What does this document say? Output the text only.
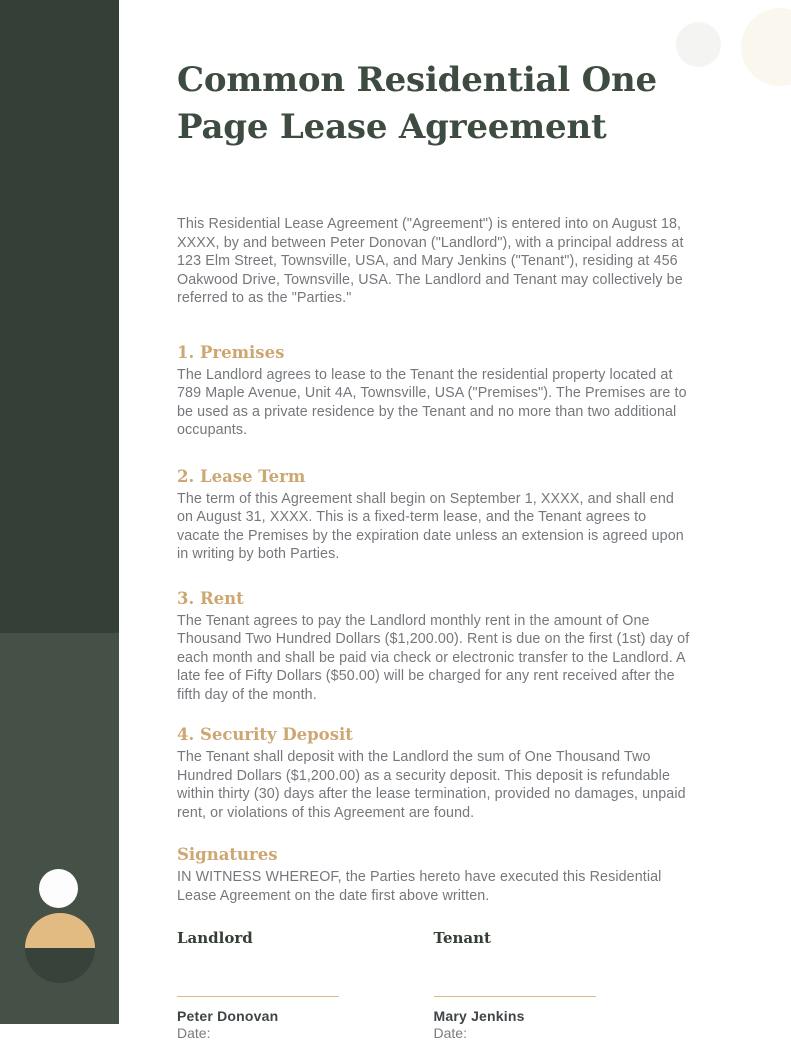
Common Residential One Page Lease Agreement

This Residential Lease Agreement ("Agreement") is entered into on August 18, XXXX, by and between Peter Donovan ("Landlord"), with a principal address at 123 Elm Street, Townsville, USA, and Mary Jenkins ("Tenant"), residing at 456 Oakwood Drive, Townsville, USA. The Landlord and Tenant may collectively be referred to as the "Parties."

1. Premises

The Landlord agrees to lease to the Tenant the residential property located at 789 Maple Avenue, Unit 4A, Townsville, USA ("Premises"). The Premises are to be used as a private residence by the Tenant and no more than two additional occupants.

2. Lease Term

The term of this Agreement shall begin on September 1, XXXX, and shall end on August 31, XXXX. This is a fixed-term lease, and the Tenant agrees to vacate the Premises by the expiration date unless an extension is agreed upon in writing by both Parties.

3. Rent

The Tenant agrees to pay the Landlord monthly rent in the amount of One Thousand Two Hundred Dollars ($1,200.00). Rent is due on the first (1st) day of each month and shall be paid via check or electronic transfer to the Landlord. A late fee of Fifty Dollars ($50.00) will be charged for any rent received after the fifth day of the month.

4. Security Deposit

The Tenant shall deposit with the Landlord the sum of One Thousand Two Hundred Dollars ($1,200.00) as a security deposit. This deposit is refundable within thirty (30) days after the lease termination, provided no damages, unpaid rent, or violations of this Agreement are found.

Signatures

IN WITNESS WHEREOF, the Parties hereto have executed this Residential Lease Agreement on the date first above written.

Landlord
Peter Donovan
Date:
Tenant
Mary Jenkins
Date:
